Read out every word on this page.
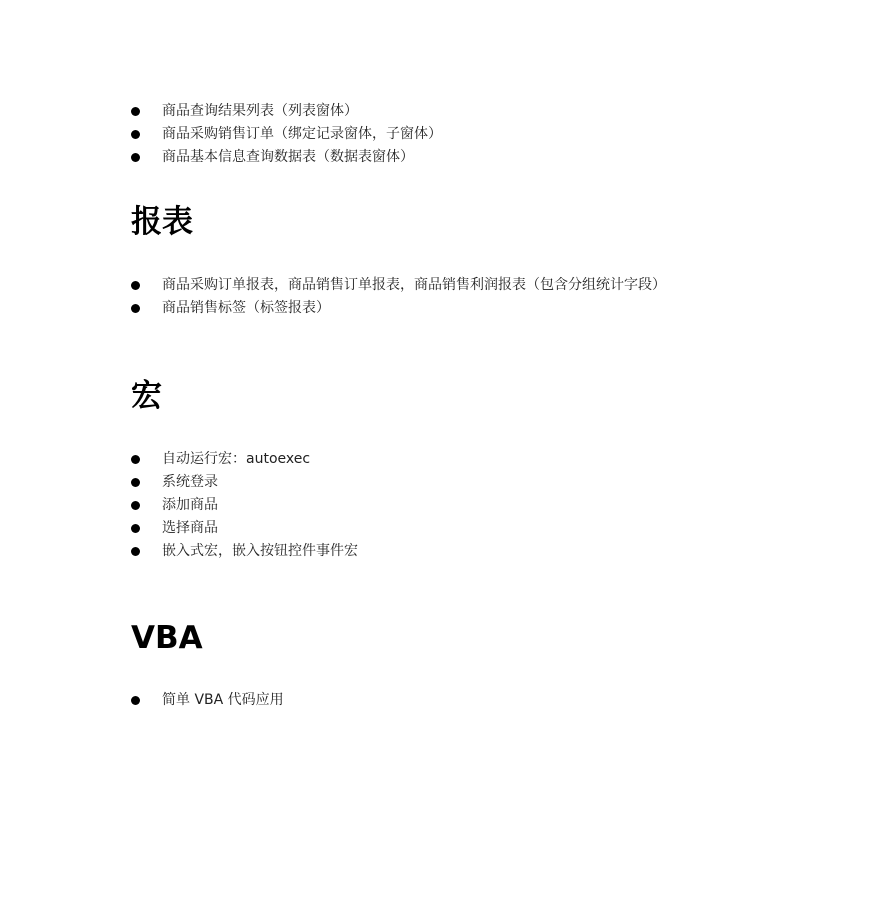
商品查询结果列表（列表窗体）
商品采购销售订单（绑定记录窗体，子窗体）
商品基本信息查询数据表（数据表窗体）
报表
商品采购订单报表，商品销售订单报表，商品销售利润报表（包含分组统计字段）
商品销售标签（标签报表）
宏
自动运行宏：autoexec
系统登录
添加商品
选择商品
嵌入式宏，嵌入按钮控件事件宏
VBA
简单 VBA 代码应用
